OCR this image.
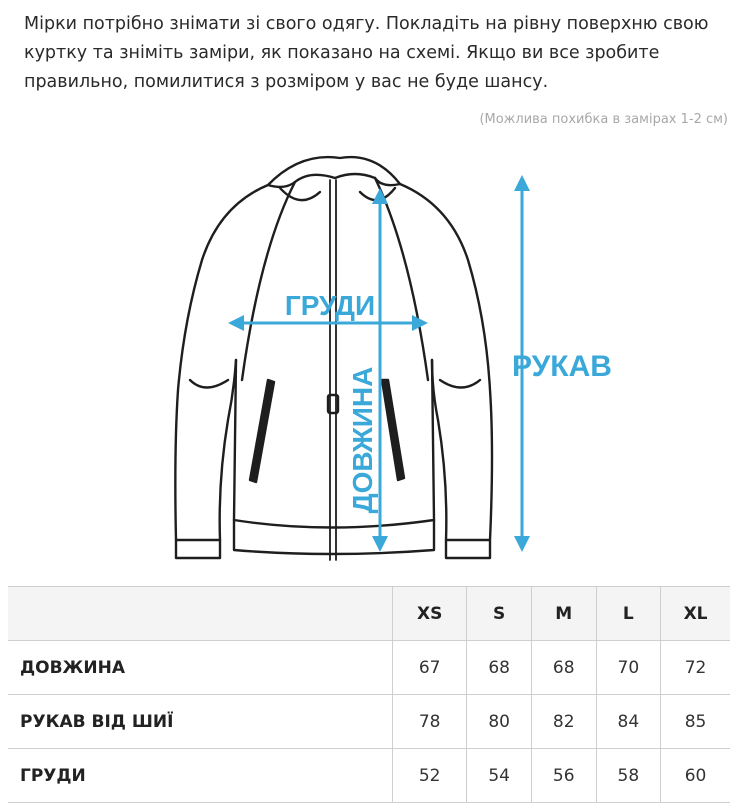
Мірки потрібно знімати зі свого одягу. Покладіть на рівну поверхню свою
куртку та зніміть заміри, як показано на схемі. Якщо ви все зробите
правильно, помилитися з розміром у вас не буде шансу.
(Можлива похибка в замірах 1-2 см)
ГРУДИ
ДОВЖИНА
РУКАВ
	XS	S	M	L	XL
ДОВЖИНА	67	68	68	70	72
РУКАВ ВІД ШИЇ	78	80	82	84	85
ГРУДИ	52	54	56	58	60
